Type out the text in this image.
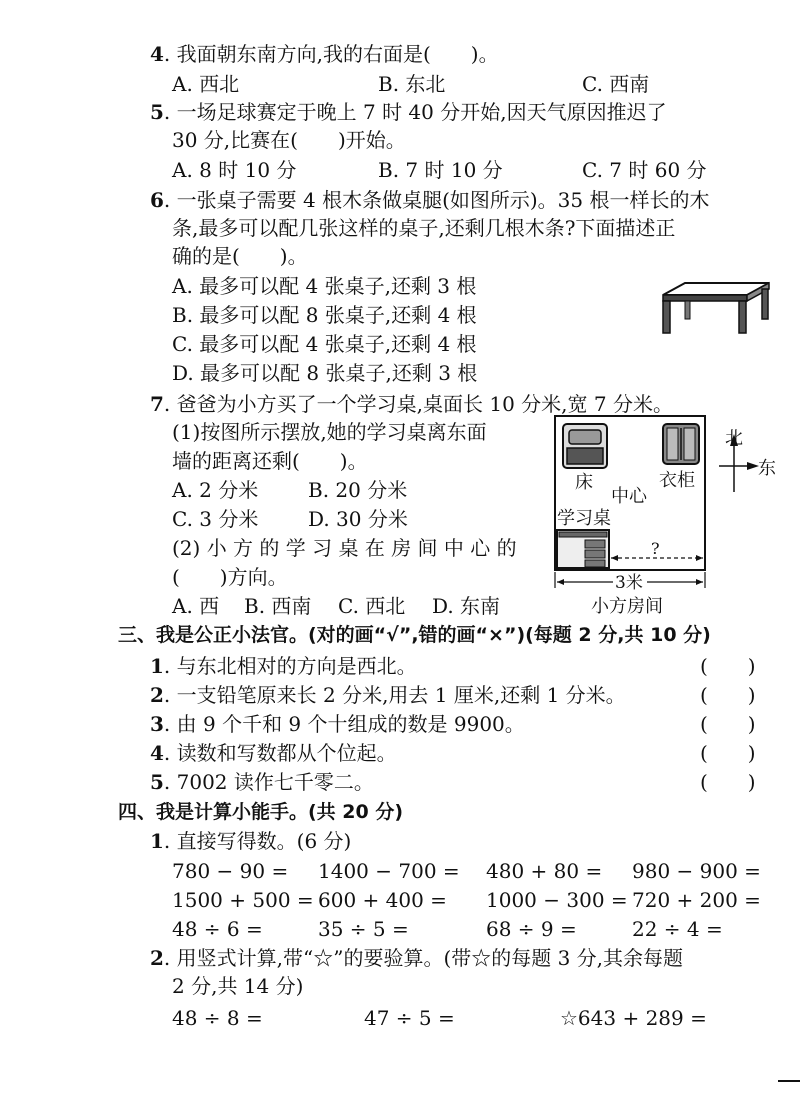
4. 我面朝东南方向,我的右面是(　　)。
A. 西北	B. 东北	C. 西南
5. 一场足球赛定于晚上 7 时 40 分开始,因天气原因推迟了
30 分,比赛在(　　)开始。
A. 8 时 10 分	B. 7 时 10 分	C. 7 时 60 分
6. 一张桌子需要 4 根木条做桌腿(如图所示)。35 根一样长的木
条,最多可以配几张这样的桌子,还剩几根木条?下面描述正
确的是(　　)。
A. 最多可以配 4 张桌子,还剩 3 根
B. 最多可以配 8 张桌子,还剩 4 根
C. 最多可以配 4 张桌子,还剩 4 根
D. 最多可以配 8 张桌子,还剩 3 根
7. 爸爸为小方买了一个学习桌,桌面长 10 分米,宽 7 分米。
(1)按图所示摆放,她的学习桌离东面
墙的距离还剩(　　)。
A. 2 分米 B. 20 分米
C. 3 分米 D. 30 分米
(2) 小 方 的 学 习 桌 在 房 间 中 心 的
(　　)方向。
A. 西 B. 西南 C. 西北 D. 东南
床	衣柜
中心
学习桌
?
3米
小方房间
北
东
三、我是公正小法官。(对的画“√”,错的画“×”)(每题 2 分,共 10 分)
1. 与东北相对的方向是西北。	(　　)
2. 一支铅笔原来长 2 分米,用去 1 厘米,还剩 1 分米。	(　　)
3. 由 9 个千和 9 个十组成的数是 9900。	(　　)
4. 读数和写数都从个位起。	(　　)
5. 7002 读作七千零二。	(　　)
四、我是计算小能手。(共 20 分)
1. 直接写得数。(6 分)
780 − 90 = 1400 − 700 = 480 + 80 = 980 − 900 =
1500 + 500 = 600 + 400 = 1000 − 300 = 720 + 200 =
48 ÷ 6 =	35 ÷ 5 =	68 ÷ 9 =	22 ÷ 4 =
2. 用竖式计算,带“☆”的要验算。(带☆的每题 3 分,其余每题
2 分,共 14 分)
48 ÷ 8 =	47 ÷ 5 =	☆643 + 289 =
